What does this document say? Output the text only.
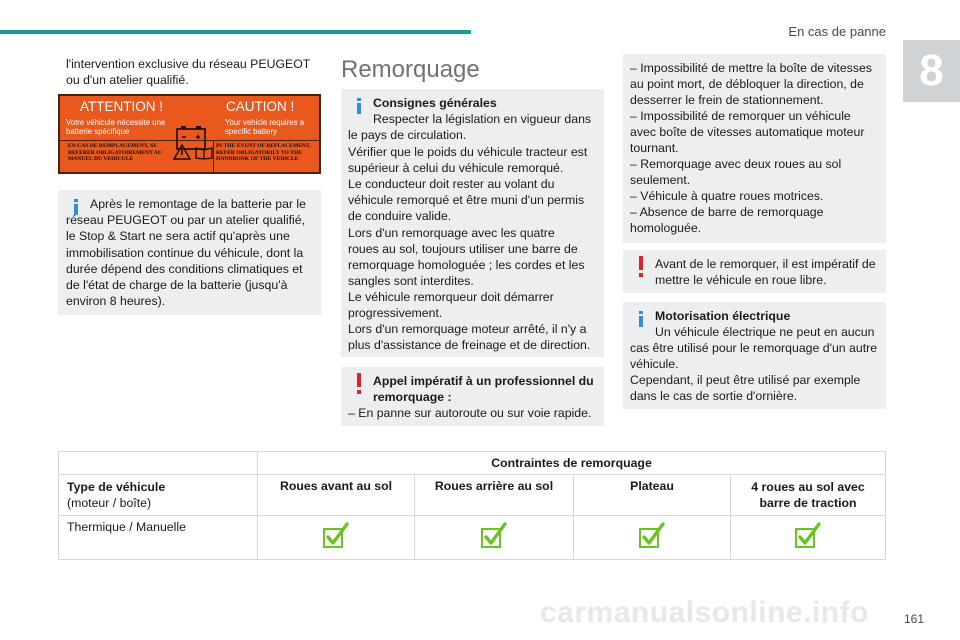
En cas de panne
8
l'intervention exclusive du réseau PEUGEOT ou d'un atelier qualifié.
ATTENTION !	CAUTION !
Votre véhicule nécessite une batterie spécifique
Your vehicle requires a specific battery
EN CAS DE REMPLACEMENT, SE REFERER OBLIGATOIREMENT AU MANUEL DU VEHICULE
IN THE EVENT OF REPLACEMENT, REFER OBLIGATORILY TO THE HANDBOOK OF THE VEHICLE
Après le remontage de la batterie par le réseau PEUGEOT ou par un atelier qualifié, le Stop & Start ne sera actif qu'après une immobilisation continue du véhicule, dont la durée dépend des conditions climatiques et de l'état de charge de la batterie (jusqu'à environ 8 heures).
Remorquage
Consignes générales
Respecter la législation en vigueur dans
le pays de circulation.
Vérifier que le poids du véhicule tracteur est
supérieur à celui du véhicule remorqué.
Le conducteur doit rester au volant du
véhicule remorqué et être muni d'un permis
de conduire valide.
Lors d'un remorquage avec les quatre
roues au sol, toujours utiliser une barre de
remorquage homologuée ; les cordes et les
sangles sont interdites.
Le véhicule remorqueur doit démarrer
progressivement.
Lors d'un remorquage moteur arrêté, il n'y a
plus d'assistance de freinage et de direction.
Appel impératif à un professionnel du
remorquage :
– En panne sur autoroute ou sur voie rapide.
– Impossibilité de mettre la boîte de vitesses
au point mort, de débloquer la direction, de
desserrer le frein de stationnement.
– Impossibilité de remorquer un véhicule
avec boîte de vitesses automatique moteur
tournant.
– Remorquage avec deux roues au sol
seulement.
– Véhicule à quatre roues motrices.
– Absence de barre de remorquage
homologuée.
Avant de le remorquer, il est impératif de
mettre le véhicule en roue libre.
Motorisation électrique
Un véhicule électrique ne peut en aucun
cas être utilisé pour le remorquage d'un autre
véhicule.
Cependant, il peut être utilisé par exemple
dans le cas de sortie d'ornière.
	Contraintes de remorquage			

Type de véhicule
(moteur / boîte)	Roues avant au sol	Roues arrière au sol	Plateau	4 roues au sol avec barre de traction
Thermique / Manuelle				
carmanualsonline.info	161
